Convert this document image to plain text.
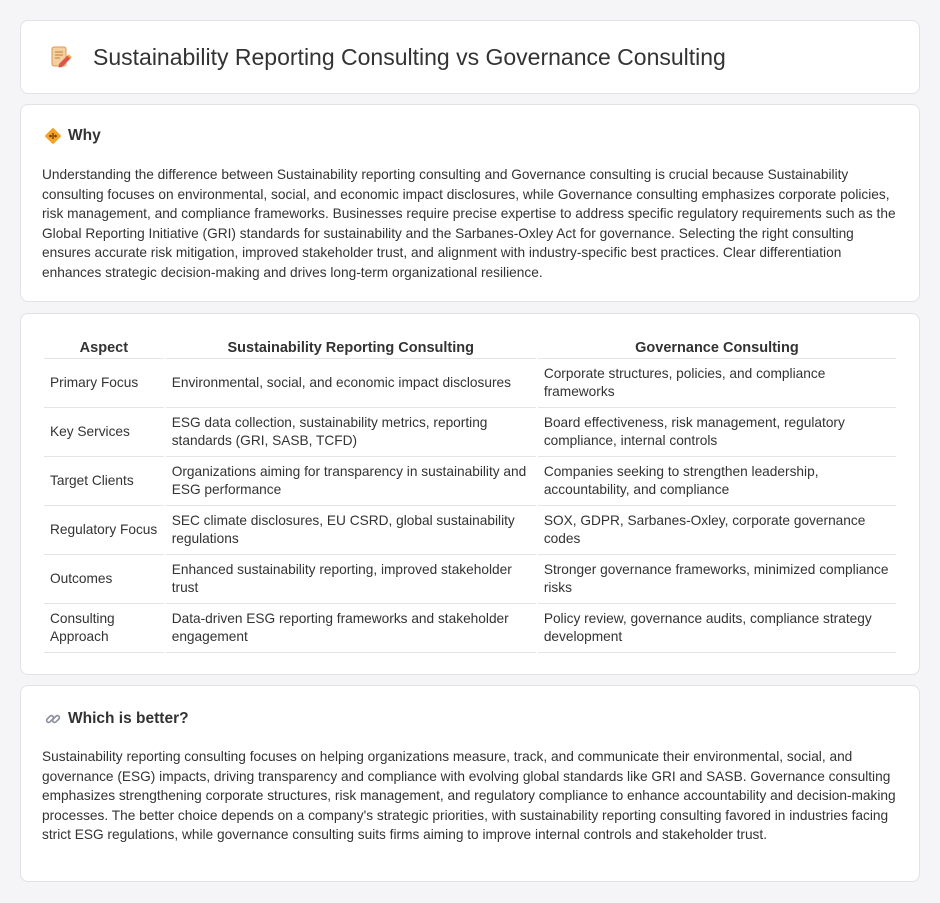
Sustainability Reporting Consulting vs Governance Consulting
Why

Understanding the difference between Sustainability reporting consulting and Governance consulting is crucial because Sustainability consulting focuses on environmental, social, and economic impact disclosures, while Governance consulting emphasizes corporate policies, risk management, and compliance frameworks. Businesses require precise expertise to address specific regulatory requirements such as the Global Reporting Initiative (GRI) standards for sustainability and the Sarbanes-Oxley Act for governance. Selecting the right consulting ensures accurate risk mitigation, improved stakeholder trust, and alignment with industry-specific best practices. Clear differentiation enhances strategic decision-making and drives long-term organizational resilience.

Aspect	Sustainability Reporting Consulting	Governance Consulting
Primary Focus	Environmental, social, and economic impact disclosures	Corporate structures, policies, and compliance frameworks
Key Services	ESG data collection, sustainability metrics, reporting standards (GRI, SASB, TCFD)	Board effectiveness, risk management, regulatory compliance, internal controls
Target Clients	Organizations aiming for transparency in sustainability and ESG performance	Companies seeking to strengthen leadership, accountability, and compliance
Regulatory Focus	SEC climate disclosures, EU CSRD, global sustainability regulations	SOX, GDPR, Sarbanes-Oxley, corporate governance codes
Outcomes	Enhanced sustainability reporting, improved stakeholder trust	Stronger governance frameworks, minimized compliance risks
Consulting Approach	Data-driven ESG reporting frameworks and stakeholder engagement	Policy review, governance audits, compliance strategy development
Which is better?

Sustainability reporting consulting focuses on helping organizations measure, track, and communicate their environmental, social, and governance (ESG) impacts, driving transparency and compliance with evolving global standards like GRI and SASB. Governance consulting emphasizes strengthening corporate structures, risk management, and regulatory compliance to enhance accountability and decision-making processes. The better choice depends on a company's strategic priorities, with sustainability reporting consulting favored in industries facing strict ESG regulations, while governance consulting suits firms aiming to improve internal controls and stakeholder trust.
